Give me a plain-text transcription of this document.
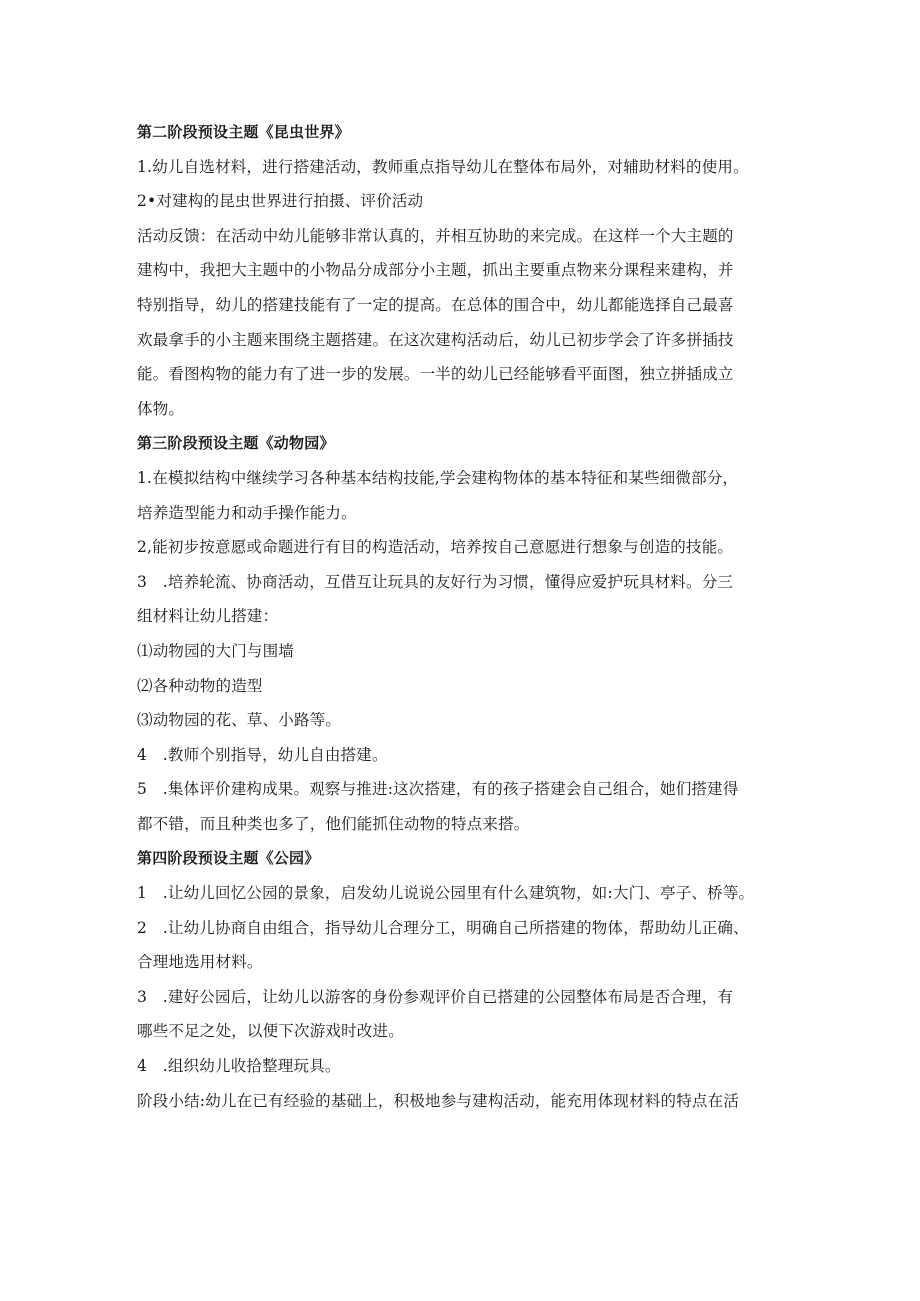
第二阶段预设主题《昆虫世界》
1.幼儿自选材料，进行搭建活动，教师重点指导幼儿在整体布局外，对辅助材料的使用。
2•对建构的昆虫世界进行拍摄、评价活动
活动反馈：在活动中幼儿能够非常认真的，并相互协助的来完成。在这样一个大主题的
建构中，我把大主题中的小物品分成部分小主题，抓出主要重点物来分课程来建构，并
特别指导，幼儿的搭建技能有了一定的提高。在总体的围合中，幼儿都能选择自己最喜
欢最拿手的小主题来围绕主题搭建。在这次建构活动后，幼儿已初步学会了许多拼插技
能。看图构物的能力有了进一步的发展。一半的幼儿已经能够看平面图，独立拼插成立
体物。
第三阶段预设主题《动物园》
1.在模拟结构中继续学习各种基本结构技能,学会建构物体的基本特征和某些细微部分，
培养造型能力和动手操作能力。
2,能初步按意愿或命题进行有目的构造活动，培养按自己意愿进行想象与创造的技能。
3　.培养轮流、协商活动，互借互让玩具的友好行为习惯，懂得应爱护玩具材料。分三
组材料让幼儿搭建：
⑴动物园的大门与围墙
⑵各种动物的造型
⑶动物园的花、草、小路等。
4　.教师个别指导，幼儿自由搭建。
5　.集体评价建构成果。观察与推进:这次搭建，有的孩子搭建会自己组合，她们搭建得
都不错，而且种类也多了，他们能抓住动物的特点来搭。
第四阶段预设主题《公园》
1　.让幼儿回忆公园的景象，启发幼儿说说公园里有什么建筑物，如:大门、亭子、桥等。
2　.让幼儿协商自由组合，指导幼儿合理分工，明确自己所搭建的物体，帮助幼儿正确、
合理地选用材料。
3　.建好公园后，让幼儿以游客的身份参观评价自已搭建的公园整体布局是否合理，有
哪些不足之处，以便下次游戏时改进。
4　.组织幼儿收拾整理玩具。
阶段小结:幼儿在已有经验的基础上，积极地参与建构活动，能充用体现材料的特点在活
